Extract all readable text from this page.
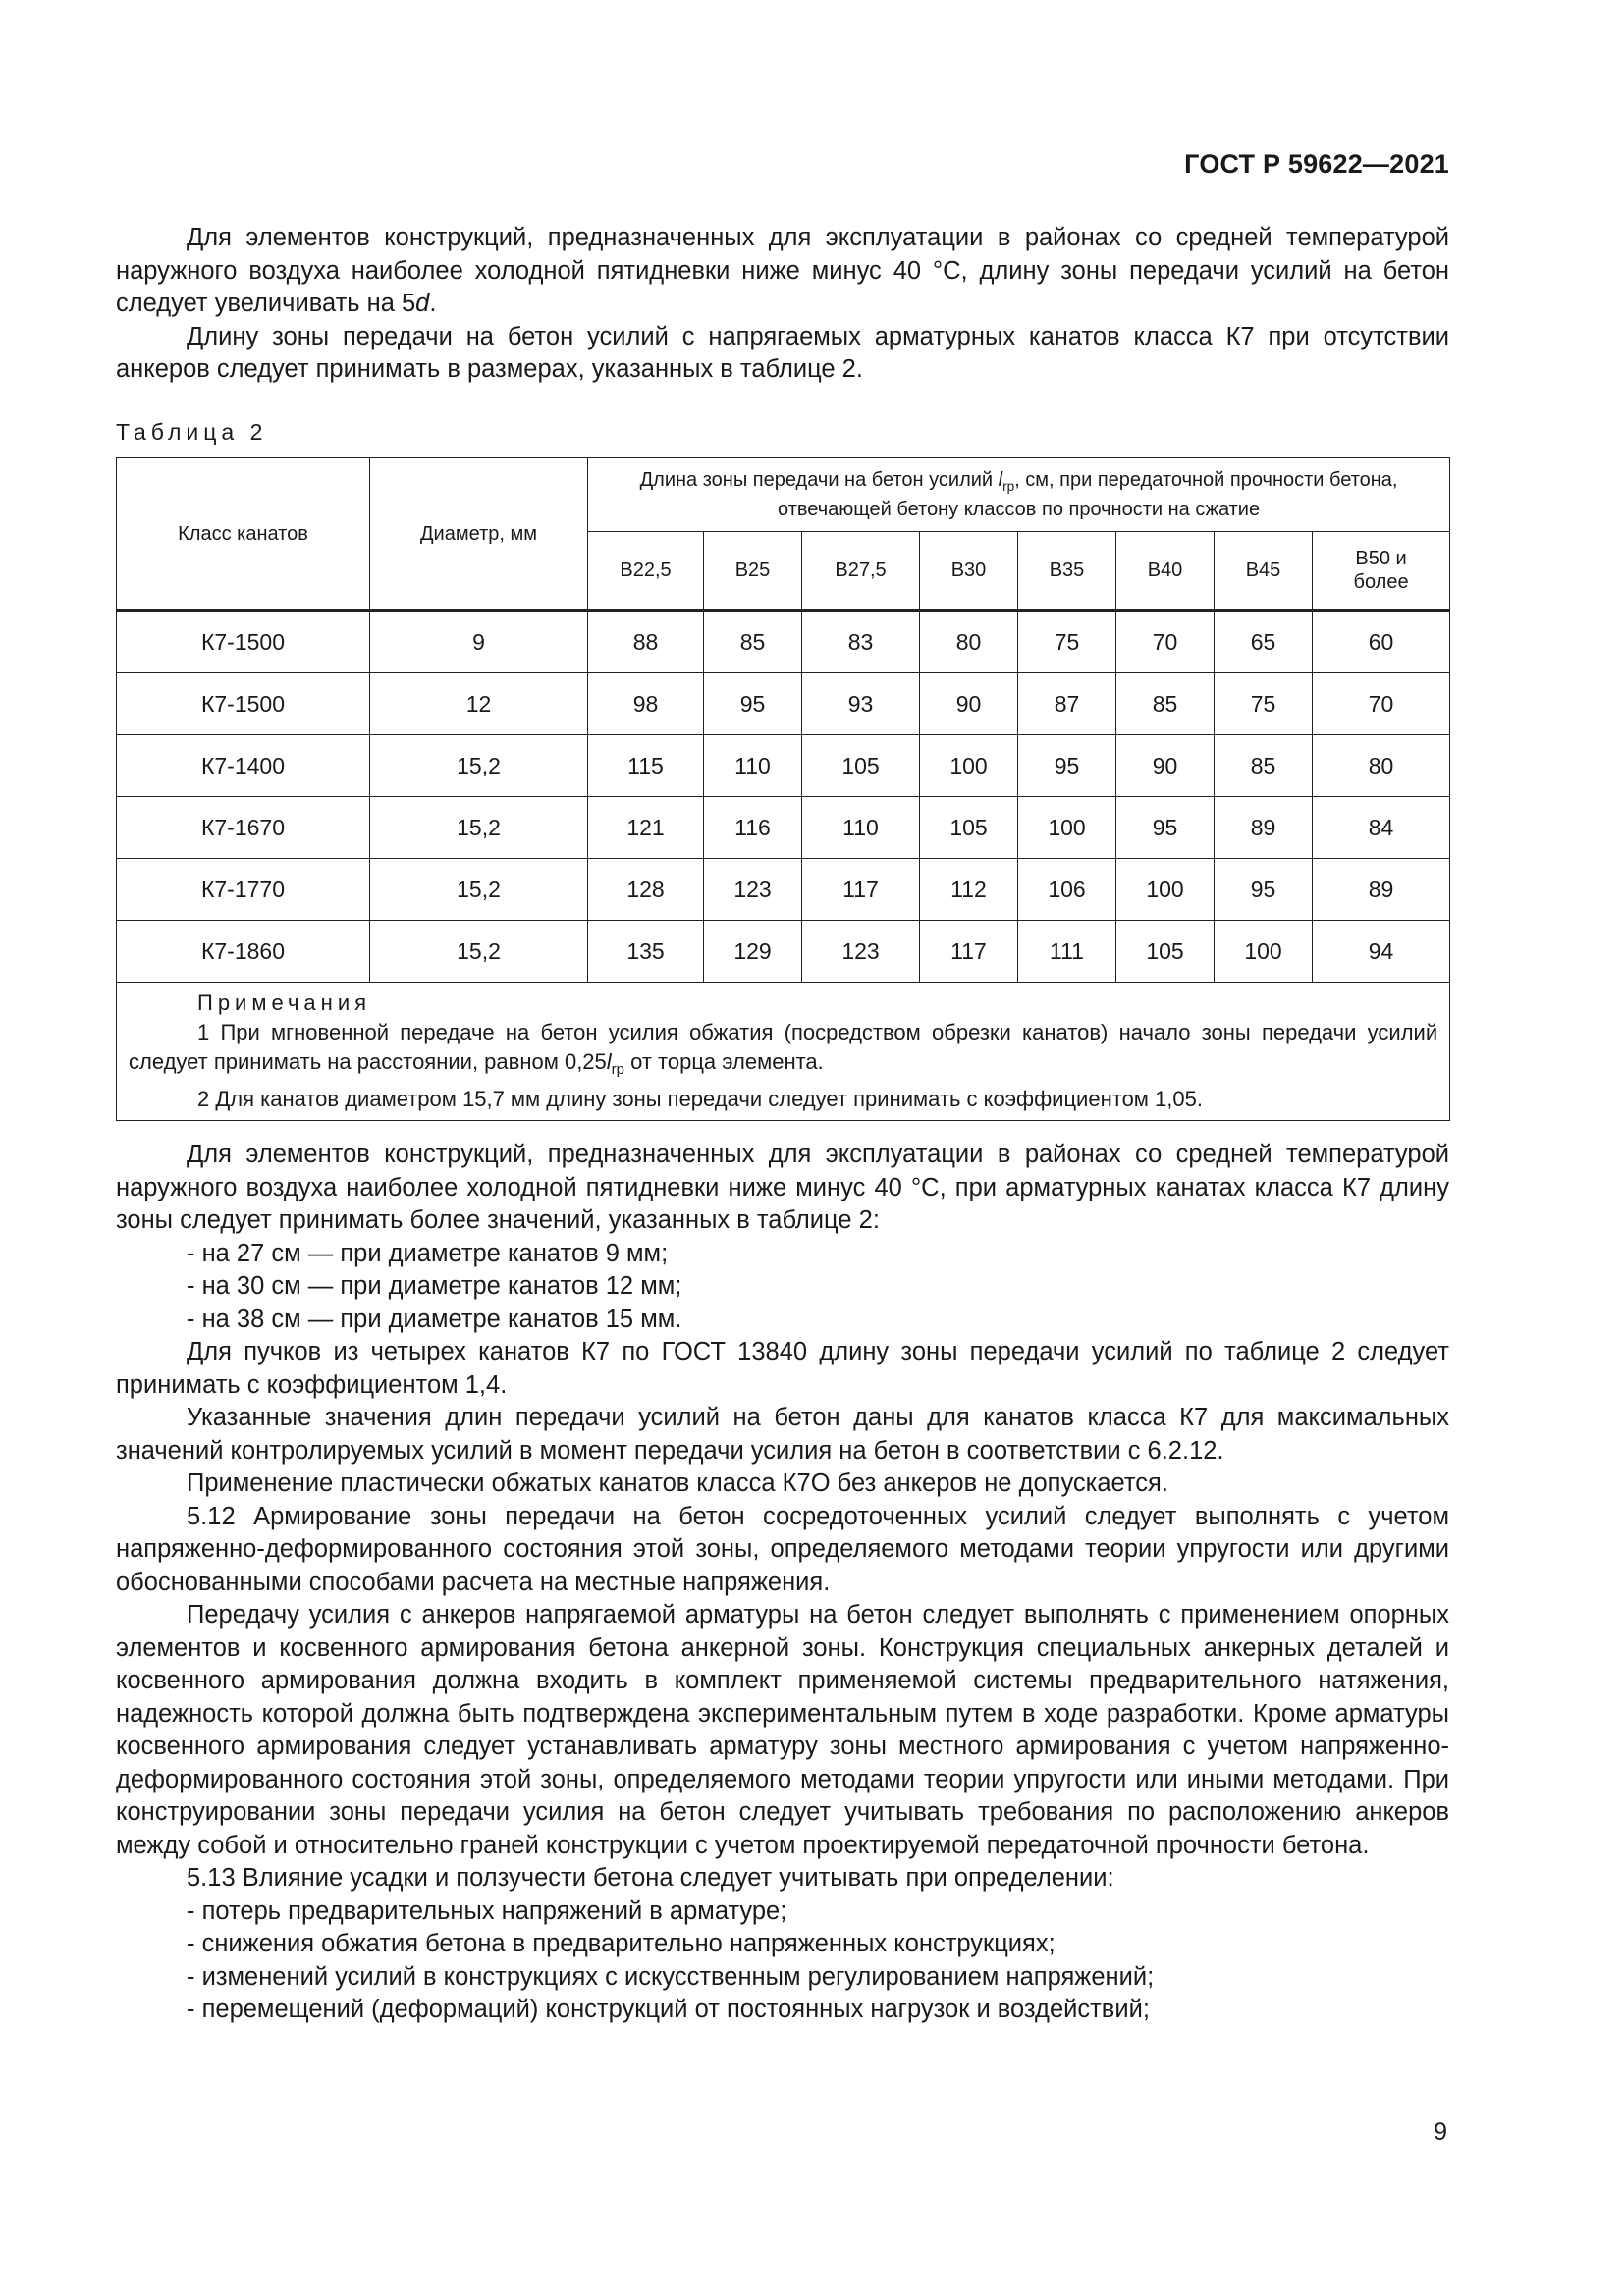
ГОСТ Р 59622—2021

Для элементов конструкций, предназначенных для эксплуатации в районах со средней температурой наружного воздуха наиболее холодной пятидневки ниже минус 40 °С, длину зоны передачи усилий на бетон следует увеличивать на 5d.

Длину зоны передачи на бетон усилий с напрягаемых арматурных канатов класса К7 при отсутствии анкеров следует принимать в размерах, указанных в таблице 2.

Таблица 2
Класс канатов	Диаметр, мм	Длина зоны передачи на бетон усилий $l_{rp}$, см, при передаточной прочности бетона, отвечающей бетону классов по прочности на сжатие							
		В22,5	В25	В27,5	В30	В35	В40	В45	В50 и более
К7-1500	9	88	85	83	80	75	70	65	60
К7-1500	12	98	95	93	90	87	85	75	70
К7-1400	15,2	115	110	105	100	95	90	85	80
К7-1670	15,2	121	116	110	105	100	95	89	84
К7-1770	15,2	128	123	117	112	106	100	95	89
К7-1860	15,2	135	129	123	117	111	105	100	94

Примечания
1 При мгновенной передаче на бетон усилия обжатия (посредством обрезки канатов) начало зоны передачи усилий следует принимать на расстоянии, равном $0,25l_{rp}$ от торца элемента.
2 Для канатов диаметром 15,7 мм длину зоны передачи следует принимать с коэффициентом 1,05.									

Для элементов конструкций, предназначенных для эксплуатации в районах со средней температурой наружного воздуха наиболее холодной пятидневки ниже минус 40 °С, при арматурных канатах класса К7 длину зоны следует принимать более значений, указанных в таблице 2:

- на 27 см — при диаметре канатов 9 мм;

- на 30 см — при диаметре канатов 12 мм;

- на 38 см — при диаметре канатов 15 мм.

Для пучков из четырех канатов К7 по ГОСТ 13840 длину зоны передачи усилий по таблице 2 следует принимать с коэффициентом 1,4.

Указанные значения длин передачи усилий на бетон даны для канатов класса К7 для максимальных значений контролируемых усилий в момент передачи усилия на бетон в соответствии с 6.2.12.

Применение пластически обжатых канатов класса К7О без анкеров не допускается.

5.12 Армирование зоны передачи на бетон сосредоточенных усилий следует выполнять с учетом напряженно-деформированного состояния этой зоны, определяемого методами теории упругости или другими обоснованными способами расчета на местные напряжения.

Передачу усилия с анкеров напрягаемой арматуры на бетон следует выполнять с применением опорных элементов и косвенного армирования бетона анкерной зоны. Конструкция специальных анкерных деталей и косвенного армирования должна входить в комплект применяемой системы предварительного натяжения, надежность которой должна быть подтверждена экспериментальным путем в ходе разработки. Кроме арматуры косвенного армирования следует устанавливать арматуру зоны местного армирования с учетом напряженно-деформированного состояния этой зоны, определяемого методами теории упругости или иными методами. При конструировании зоны передачи усилия на бетон следует учитывать требования по расположению анкеров между собой и относительно граней конструкции с учетом проектируемой передаточной прочности бетона.

5.13 Влияние усадки и ползучести бетона следует учитывать при определении:

- потерь предварительных напряжений в арматуре;

- снижения обжатия бетона в предварительно напряженных конструкциях;

- изменений усилий в конструкциях с искусственным регулированием напряжений;

- перемещений (деформаций) конструкций от постоянных нагрузок и воздействий;

9
